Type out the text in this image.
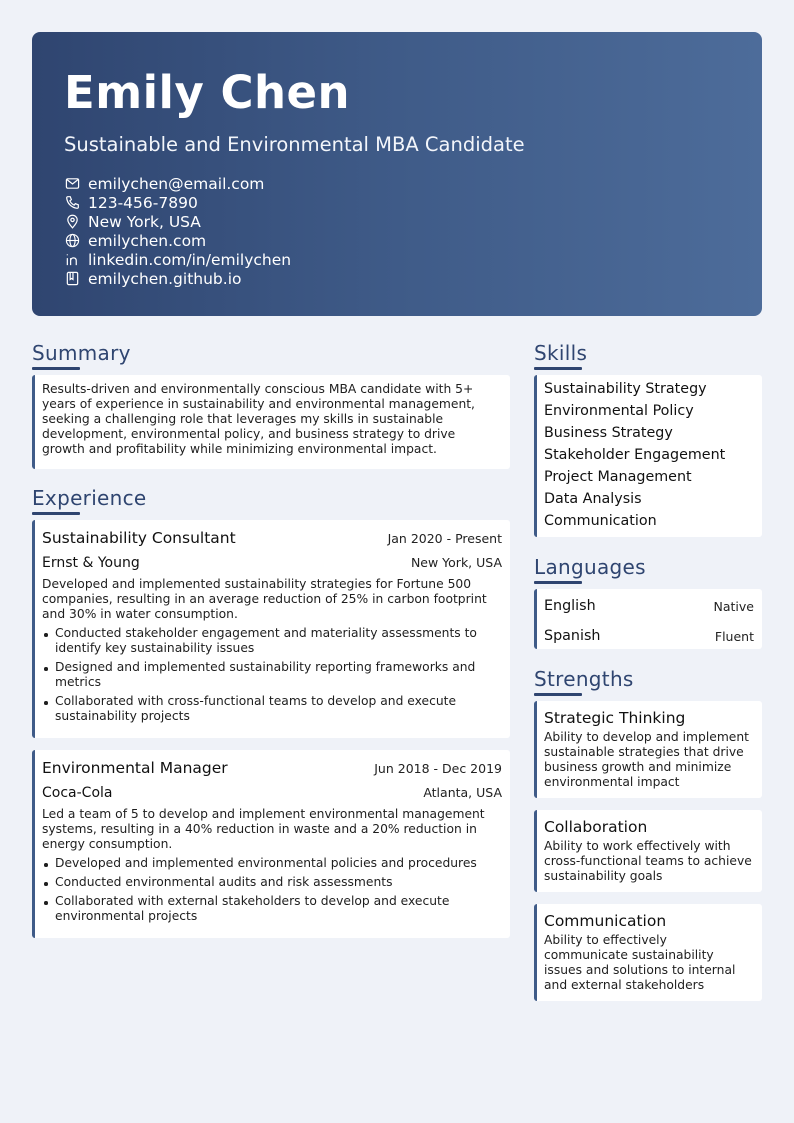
Emily Chen
Sustainable and Environmental MBA Candidate
emilychen@email.com
123-456-7890
New York, USA
emilychen.com
linkedin.com/in/emilychen
emilychen.github.io
Summary
Results-driven and environmentally conscious MBA candidate with 5+ years of experience in sustainability and environmental management, seeking a challenging role that leverages my skills in sustainable development, environmental policy, and business strategy to drive growth and profitability while minimizing environmental impact.
Experience
Sustainability Consultant	Jan 2020 - Present
Ernst & Young	New York, USA
Developed and implemented sustainability strategies for Fortune 500 companies, resulting in an average reduction of 25% in carbon footprint and 30% in water consumption.
Conducted stakeholder engagement and materiality assessments to identify key sustainability issues
Designed and implemented sustainability reporting frameworks and metrics
Collaborated with cross-functional teams to develop and execute sustainability projects
Environmental Manager	Jun 2018 - Dec 2019
Coca-Cola	Atlanta, USA
Led a team of 5 to develop and implement environmental management systems, resulting in a 40% reduction in waste and a 20% reduction in energy consumption.
Developed and implemented environmental policies and procedures
Conducted environmental audits and risk assessments
Collaborated with external stakeholders to develop and execute environmental projects
Skills
Sustainability Strategy
Environmental Policy
Business Strategy
Stakeholder Engagement
Project Management
Data Analysis
Communication
Languages
English	Native
Spanish	Fluent
Strengths
Strategic Thinking
Ability to develop and implement sustainable strategies that drive business growth and minimize environmental impact
Collaboration
Ability to work effectively with cross-functional teams to achieve sustainability goals
Communication
Ability to effectively communicate sustainability issues and solutions to internal and external stakeholders
